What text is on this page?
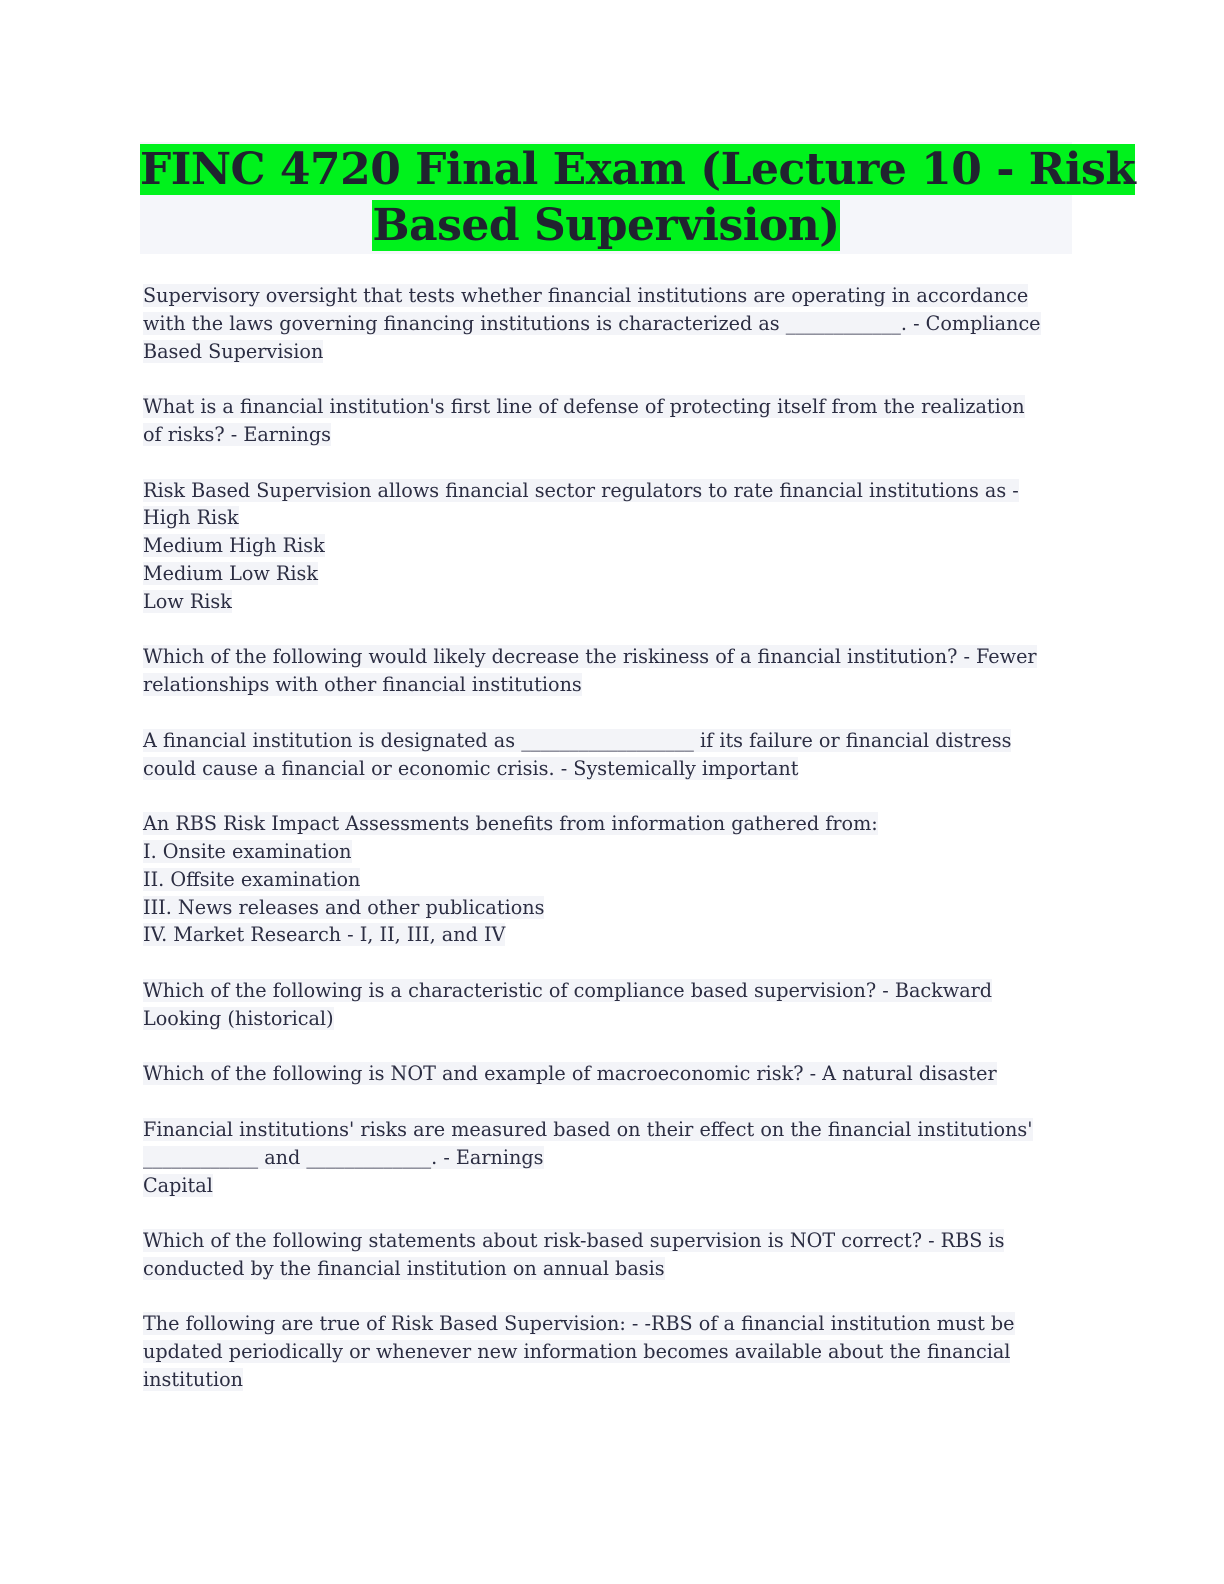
FINC 4720 Final Exam (Lecture 10 - Risk
Based Supervision)
Supervisory oversight that tests whether financial institutions are operating in accordance
with the laws governing financing institutions is characterized as ____________. - Compliance
Based Supervision
What is a financial institution's first line of defense of protecting itself from the realization
of risks? - Earnings
Risk Based Supervision allows financial sector regulators to rate financial institutions as -
High Risk
Medium High Risk
Medium Low Risk
Low Risk
Which of the following would likely decrease the riskiness of a financial institution? - Fewer
relationships with other financial institutions
A financial institution is designated as __________________ if its failure or financial distress
could cause a financial or economic crisis. - Systemically important
An RBS Risk Impact Assessments benefits from information gathered from:
I. Onsite examination
II. Offsite examination
III. News releases and other publications
IV. Market Research - I, II, III, and IV
Which of the following is a characteristic of compliance based supervision? - Backward
Looking (historical)
Which of the following is NOT and example of macroeconomic risk? - A natural disaster
Financial institutions' risks are measured based on their effect on the financial institutions'
____________ and _____________. - Earnings
Capital
Which of the following statements about risk-based supervision is NOT correct? - RBS is
conducted by the financial institution on annual basis
The following are true of Risk Based Supervision: - -RBS of a financial institution must be
updated periodically or whenever new information becomes available about the financial
institution
